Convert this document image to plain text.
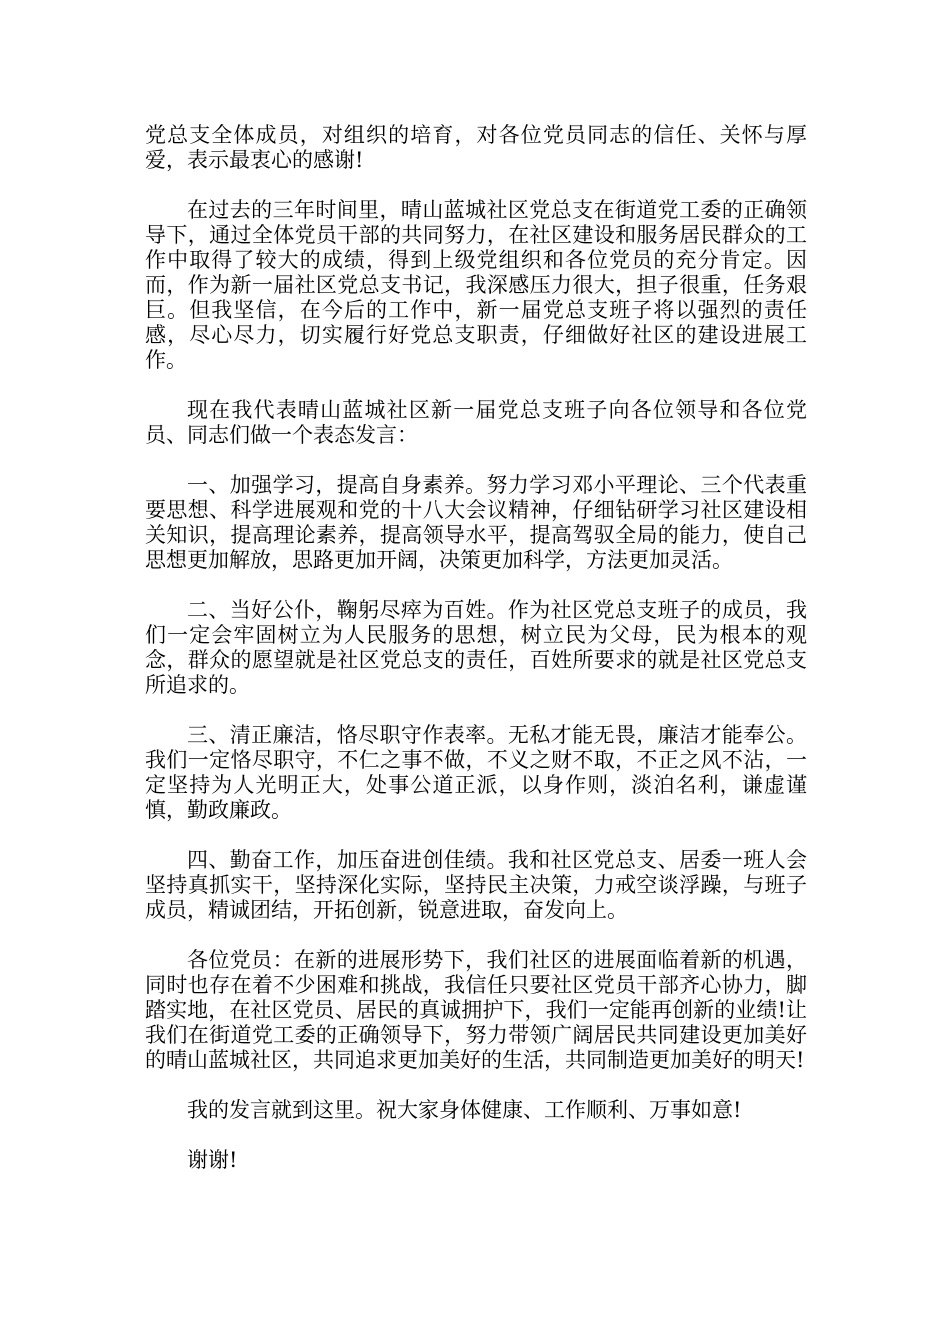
党总支全体成员，对组织的培育，对各位党员同志的信任、关怀与厚爱，表示最衷心的感谢!

在过去的三年时间里，晴山蓝城社区党总支在街道党工委的正确领导下，通过全体党员干部的共同努力，在社区建设和服务居民群众的工作中取得了较大的成绩，得到上级党组织和各位党员的充分肯定。因而，作为新一届社区党总支书记，我深感压力很大，担子很重，任务艰巨。但我坚信，在今后的工作中，新一届党总支班子将以强烈的责任感，尽心尽力，切实履行好党总支职责，仔细做好社区的建设进展工作。

现在我代表晴山蓝城社区新一届党总支班子向各位领导和各位党员、同志们做一个表态发言：

一、加强学习，提高自身素养。努力学习邓小平理论、三个代表重要思想、科学进展观和党的十八大会议精神，仔细钻研学习社区建设相关知识，提高理论素养，提高领导水平，提高驾驭全局的能力，使自己思想更加解放，思路更加开阔，决策更加科学，方法更加灵活。

二、当好公仆，鞠躬尽瘁为百姓。作为社区党总支班子的成员，我们一定会牢固树立为人民服务的思想，树立民为父母，民为根本的观念，群众的愿望就是社区党总支的责任，百姓所要求的就是社区党总支所追求的。

三、清正廉洁，恪尽职守作表率。无私才能无畏，廉洁才能奉公。我们一定恪尽职守，不仁之事不做，不义之财不取，不正之风不沾，一定坚持为人光明正大，处事公道正派，以身作则，淡泊名利，谦虚谨慎，勤政廉政。

四、勤奋工作，加压奋进创佳绩。我和社区党总支、居委一班人会坚持真抓实干，坚持深化实际，坚持民主决策，力戒空谈浮躁，与班子成员，精诚团结，开拓创新，锐意进取，奋发向上。

各位党员：在新的进展形势下，我们社区的进展面临着新的机遇，同时也存在着不少困难和挑战，我信任只要社区党员干部齐心协力，脚踏实地，在社区党员、居民的真诚拥护下，我们一定能再创新的业绩!让我们在街道党工委的正确领导下，努力带领广阔居民共同建设更加美好的晴山蓝城社区，共同追求更加美好的生活，共同制造更加美好的明天!

我的发言就到这里。祝大家身体健康、工作顺利、万事如意!

谢谢!
